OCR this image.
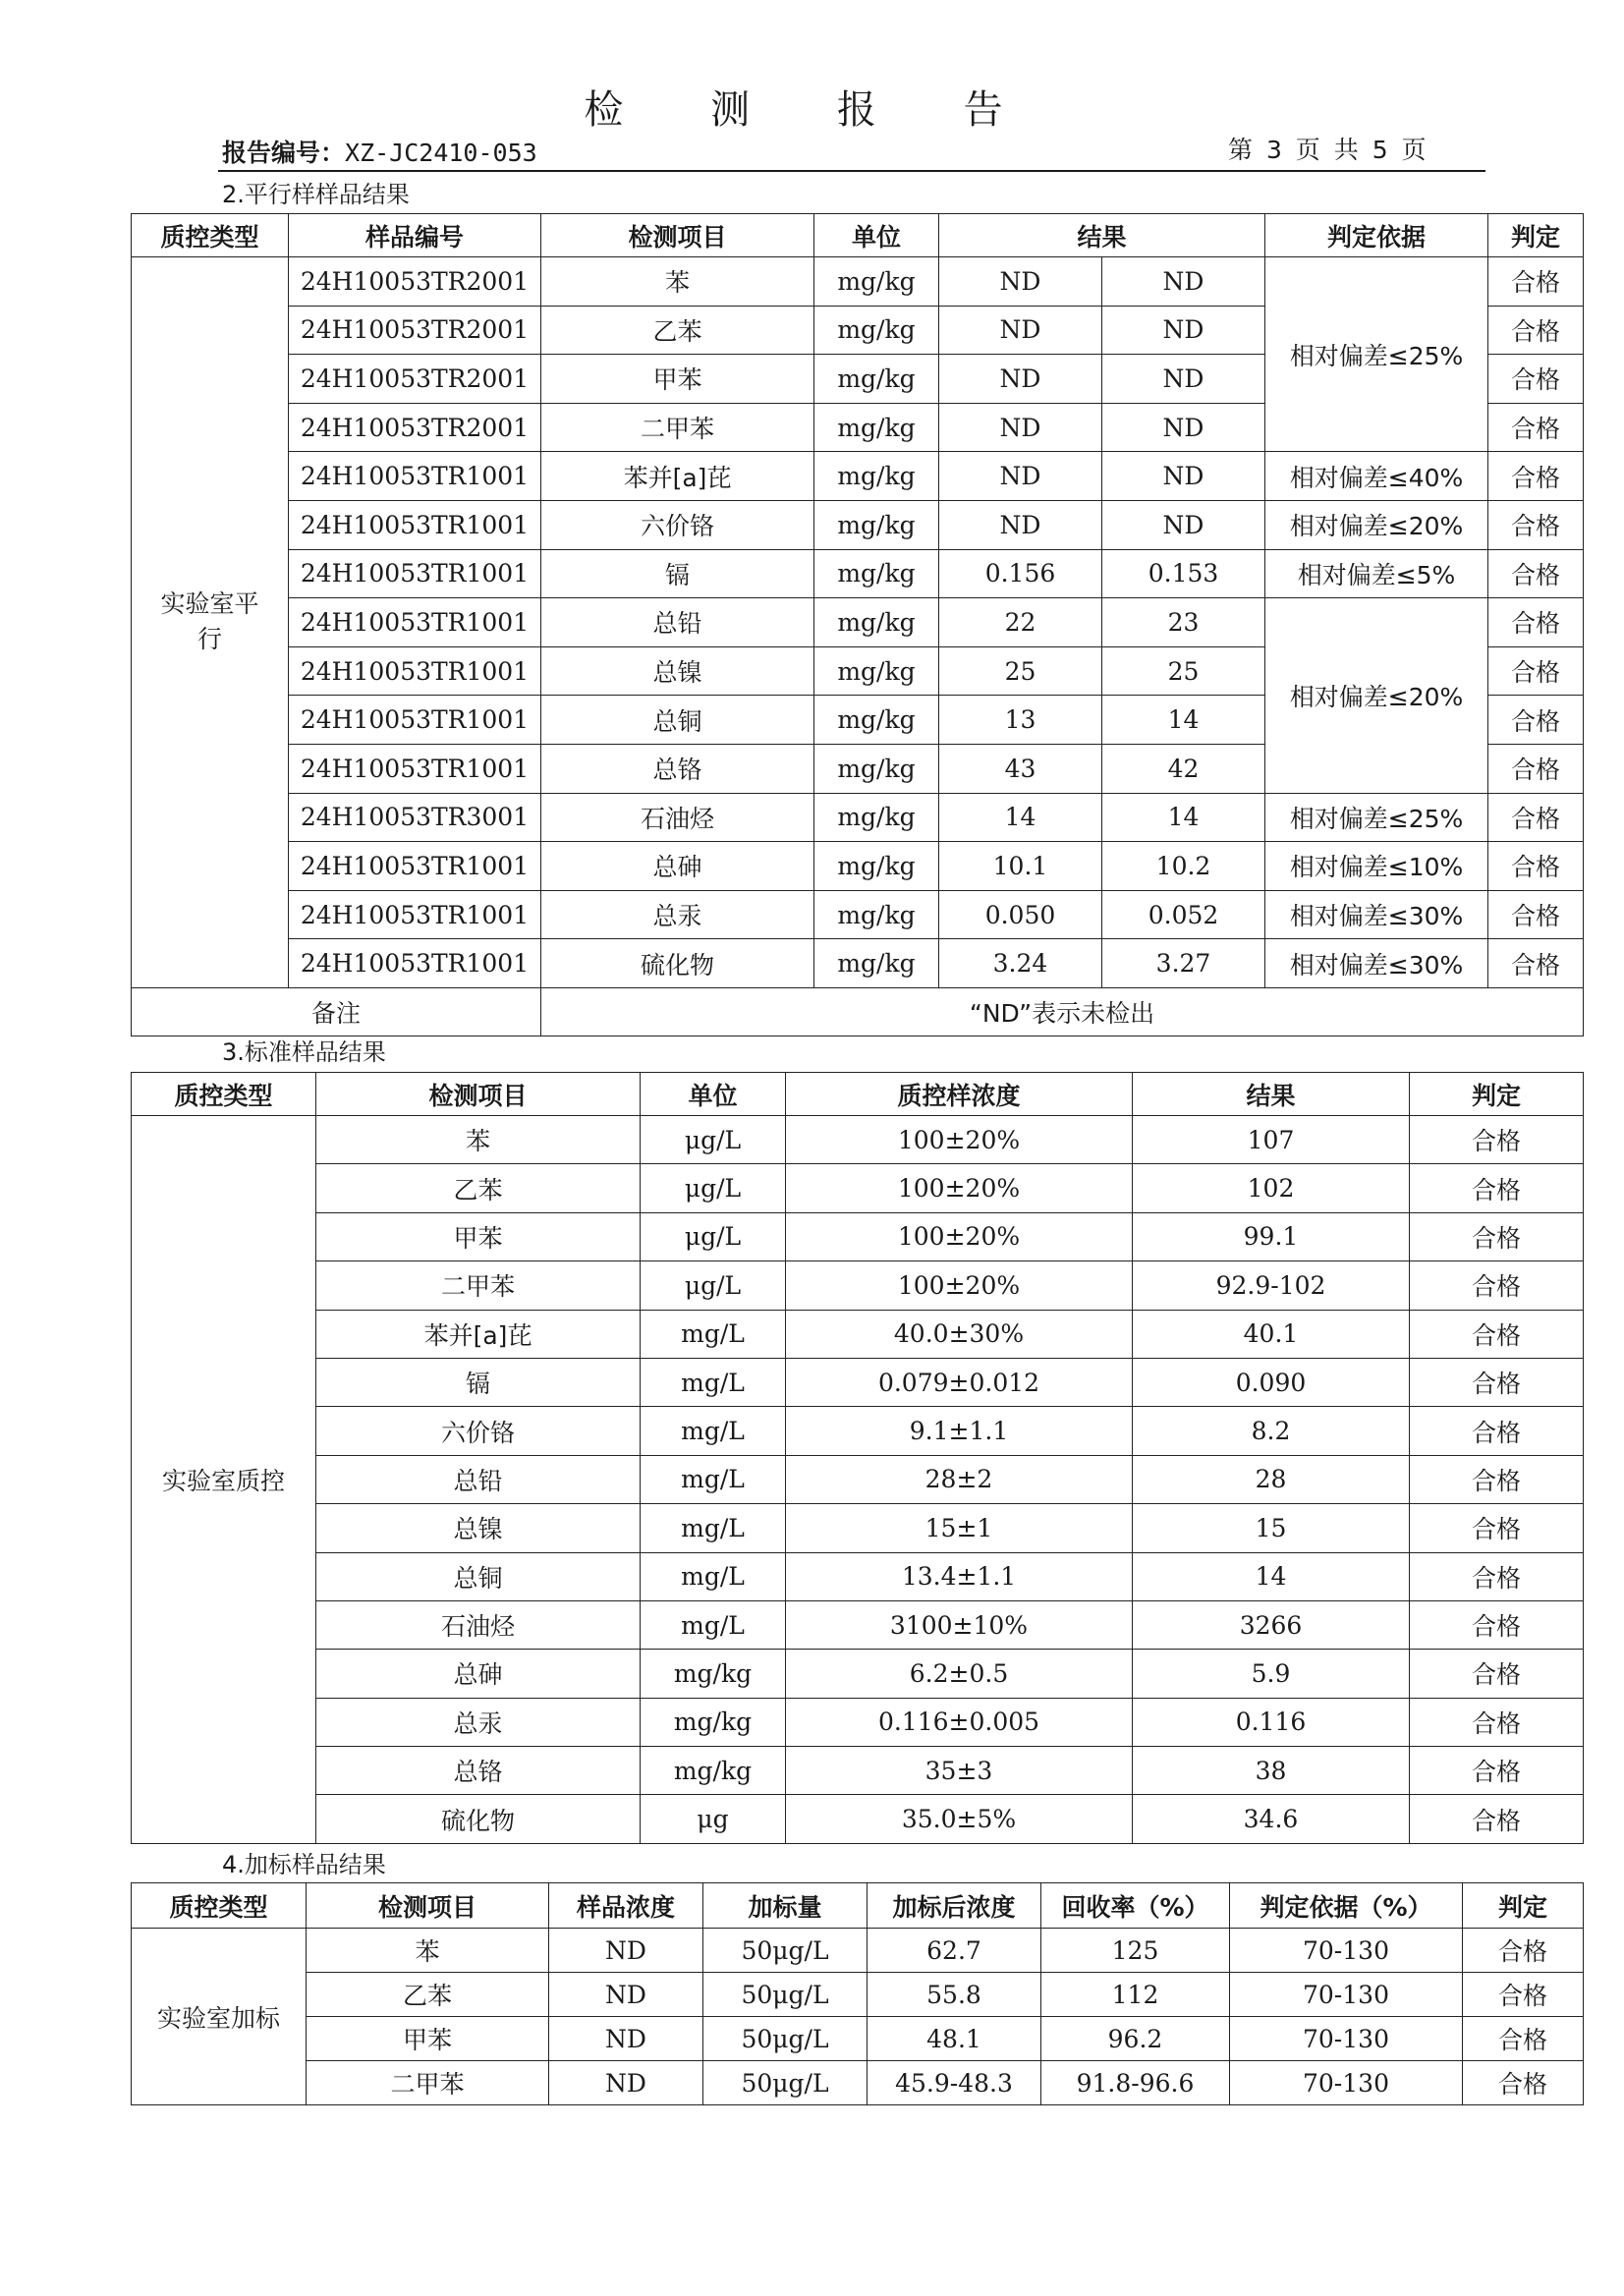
检 测 报 告
报告编号：XZ-JC2410-053	第 3 页 共 5 页
2.平行样样品结果
质控类型	样品编号	检测项目	单位	结果		判定依据	判定
实验室平行	24H10053TR2001	苯	mg/kg	ND	ND	相对偏差≤25%	合格
	24H10053TR2001	乙苯	mg/kg	ND	ND		合格
	24H10053TR2001	甲苯	mg/kg	ND	ND		合格
	24H10053TR2001	二甲苯	mg/kg	ND	ND		合格
	24H10053TR1001	苯并[a]芘	mg/kg	ND	ND	相对偏差≤40%	合格
	24H10053TR1001	六价铬	mg/kg	ND	ND	相对偏差≤20%	合格
	24H10053TR1001	镉	mg/kg	0.156	0.153	相对偏差≤5%	合格
	24H10053TR1001	总铅	mg/kg	22	23	相对偏差≤20%	合格
	24H10053TR1001	总镍	mg/kg	25	25		合格
	24H10053TR1001	总铜	mg/kg	13	14		合格
	24H10053TR1001	总铬	mg/kg	43	42		合格
	24H10053TR3001	石油烃	mg/kg	14	14	相对偏差≤25%	合格
	24H10053TR1001	总砷	mg/kg	10.1	10.2	相对偏差≤10%	合格
	24H10053TR1001	总汞	mg/kg	0.050	0.052	相对偏差≤30%	合格
	24H10053TR1001	硫化物	mg/kg	3.24	3.27	相对偏差≤30%	合格
备注		“ND”表示未检出					
3.标准样品结果
质控类型	检测项目	单位	质控样浓度	结果	判定
实验室质控	苯	μg/L	100±20%	107	合格
	乙苯	μg/L	100±20%	102	合格
	甲苯	μg/L	100±20%	99.1	合格
	二甲苯	μg/L	100±20%	92.9-102	合格
	苯并[a]芘	mg/L	40.0±30%	40.1	合格
	镉	mg/L	0.079±0.012	0.090	合格
	六价铬	mg/L	9.1±1.1	8.2	合格
	总铅	mg/L	28±2	28	合格
	总镍	mg/L	15±1	15	合格
	总铜	mg/L	13.4±1.1	14	合格
	石油烃	mg/L	3100±10%	3266	合格
	总砷	mg/kg	6.2±0.5	5.9	合格
	总汞	mg/kg	0.116±0.005	0.116	合格
	总铬	mg/kg	35±3	38	合格
	硫化物	μg	35.0±5%	34.6	合格
4.加标样品结果
质控类型	检测项目	样品浓度	加标量	加标后浓度	回收率（%）	判定依据（%）	判定
实验室加标	苯	ND	50μg/L	62.7	125	70-130	合格
	乙苯	ND	50μg/L	55.8	112	70-130	合格
	甲苯	ND	50μg/L	48.1	96.2	70-130	合格
	二甲苯	ND	50μg/L	45.9-48.3	91.8-96.6	70-130	合格
